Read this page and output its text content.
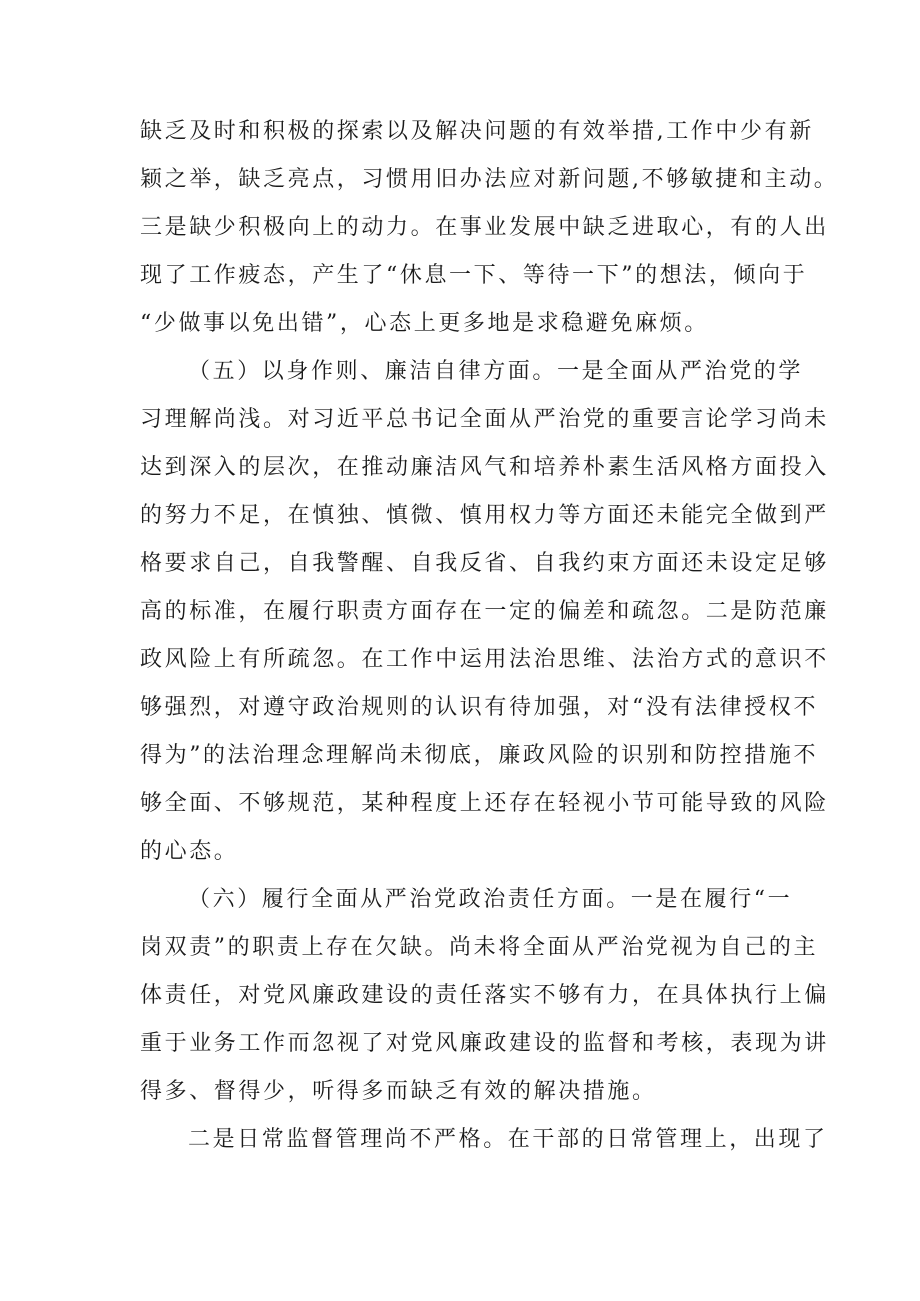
缺乏及时和积极的探索以及解决问题的有效举措,工作中少有新
颖之举，缺乏亮点，习惯用旧办法应对新问题,不够敏捷和主动。
三是缺少积极向上的动力。在事业发展中缺乏进取心，有的人出
现了工作疲态，产生了“休息一下、等待一下”的想法，倾向于
“少做事以免出错”，心态上更多地是求稳避免麻烦。
（五）以身作则、廉洁自律方面。一是全面从严治党的学
习理解尚浅。对习近平总书记全面从严治党的重要言论学习尚未
达到深入的层次，在推动廉洁风气和培养朴素生活风格方面投入
的努力不足，在慎独、慎微、慎用权力等方面还未能完全做到严
格要求自己，自我警醒、自我反省、自我约束方面还未设定足够
高的标准，在履行职责方面存在一定的偏差和疏忽。二是防范廉
政风险上有所疏忽。在工作中运用法治思维、法治方式的意识不
够强烈，对遵守政治规则的认识有待加强，对“没有法律授权不
得为”的法治理念理解尚未彻底，廉政风险的识别和防控措施不
够全面、不够规范，某种程度上还存在轻视小节可能导致的风险
的心态。
（六）履行全面从严治党政治责任方面。一是在履行“一
岗双责”的职责上存在欠缺。尚未将全面从严治党视为自己的主
体责任，对党风廉政建设的责任落实不够有力，在具体执行上偏
重于业务工作而忽视了对党风廉政建设的监督和考核，表现为讲
得多、督得少，听得多而缺乏有效的解决措施。
二是日常监督管理尚不严格。在干部的日常管理上，出现了
